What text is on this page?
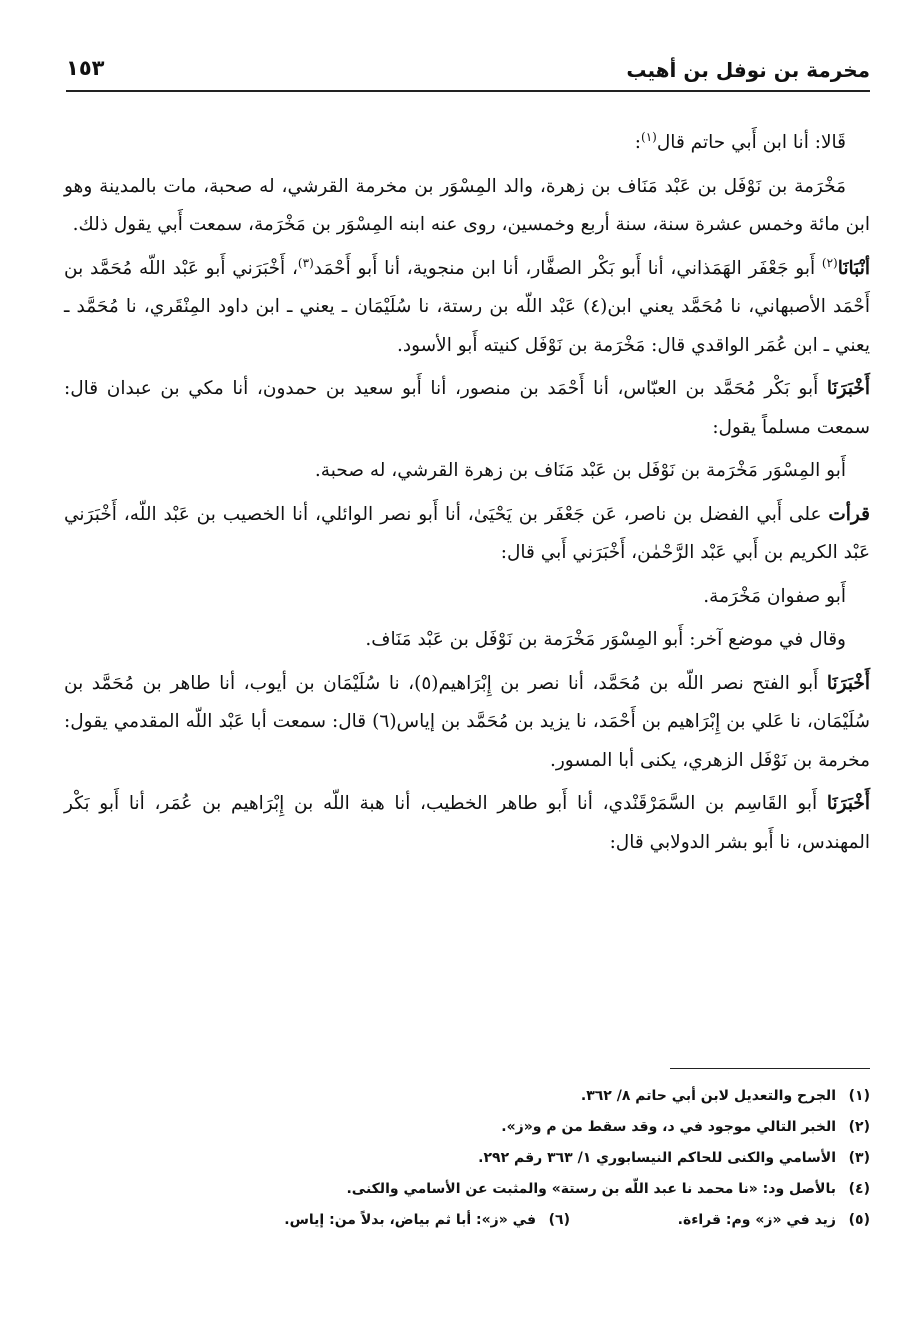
مخرمة بن نوفل بن أهيب
١٥٣

قَالا: أنا ابن أَبي حاتم قال$^{(١)}$:

مَخْرَمة بن نَوْفَل بن عَبْد مَنَاف بن زهرة، والد المِسْوَر بن مخرمة القرشي، له صحبة، مات بالمدينة وهو ابن مائة وخمس عشرة سنة، سنة أربع وخمسين، روى عنه ابنه المِسْوَر بن مَخْرَمة، سمعت أَبي يقول ذلك.

أنْبَانَا$^{(٢)}$ أَبو جَعْفَر الهَمَذاني، أنا أَبو بَكْر الصفَّار، أنا ابن منجوية، أنا أَبو أَحْمَد$^{(٣)}$، أَخْبَرَني أَبو عَبْد اللّه مُحَمَّد بن أَحْمَد الأصبهاني، نا مُحَمَّد يعني ابن(٤) عَبْد اللّه بن رستة، نا سُلَيْمَان ـ يعني ـ ابن داود المِنْقَري، نا مُحَمَّد ـ يعني ـ ابن عُمَر الواقدي قال: مَخْرَمة بن نَوْفَل كنيته أَبو الأسود.

أَخْبَرَنَا أَبو بَكْر مُحَمَّد بن العبّاس، أنا أَحْمَد بن منصور، أنا أَبو سعيد بن حمدون، أنا مكي بن عبدان قال: سمعت مسلماً يقول:

أَبو المِسْوَر مَخْرَمة بن نَوْفَل بن عَبْد مَنَاف بن زهرة القرشي، له صحبة.

قرأت على أَبي الفضل بن ناصر، عَن جَعْفَر بن يَحْيَىٰ، أنا أَبو نصر الوائلي، أنا الخصيب بن عَبْد اللّه، أَخْبَرَني عَبْد الكريم بن أَبي عَبْد الرَّحْمٰن، أَخْبَرَني أَبي قال:

أَبو صفوان مَخْرَمة.

وقال في موضع آخر: أَبو المِسْوَر مَخْرَمة بن نَوْفَل بن عَبْد مَنَاف.

أَخْبَرَنَا أَبو الفتح نصر اللّه بن مُحَمَّد، أنا نصر بن إِبْرَاهيم(٥)، نا سُلَيْمَان بن أيوب، أنا طاهر بن مُحَمَّد بن سُلَيْمَان، نا عَلي بن إِبْرَاهيم بن أَحْمَد، نا يزيد بن مُحَمَّد بن إياس(٦) قال: سمعت أبا عَبْد اللّه المقدمي يقول: مخرمة بن نَوْفَل الزهري، يكنى أبا المسور.

أَخْبَرَنَا أَبو القَاسِم بن السَّمَرْقَنْدي، أنا أَبو طاهر الخطيب، أنا هبة اللّه بن إِبْرَاهيم بن عُمَر، أنا أَبو بَكْر المهندس، نا أَبو بشر الدولابي قال:

(١)
الجرح والتعديل لابن أبي حاتم ٨/ ٣٦٢.
(٢)
الخبر التالي موجود في د، وقد سقط من م و«ز».
(٣)
الأسامي والكنى للحاكم النيسابوري ١/ ٣٦٣ رقم ٢٩٢.
(٤)
بالأصل ود: «نا محمد نا عبد اللّه بن رستة» والمثبت عن الأسامي والكنى.
(٥)
زيد في «ز» وم: قراءة.
(٦)
في «ز»: أبا ثم بياض، بدلاً من: إياس.
